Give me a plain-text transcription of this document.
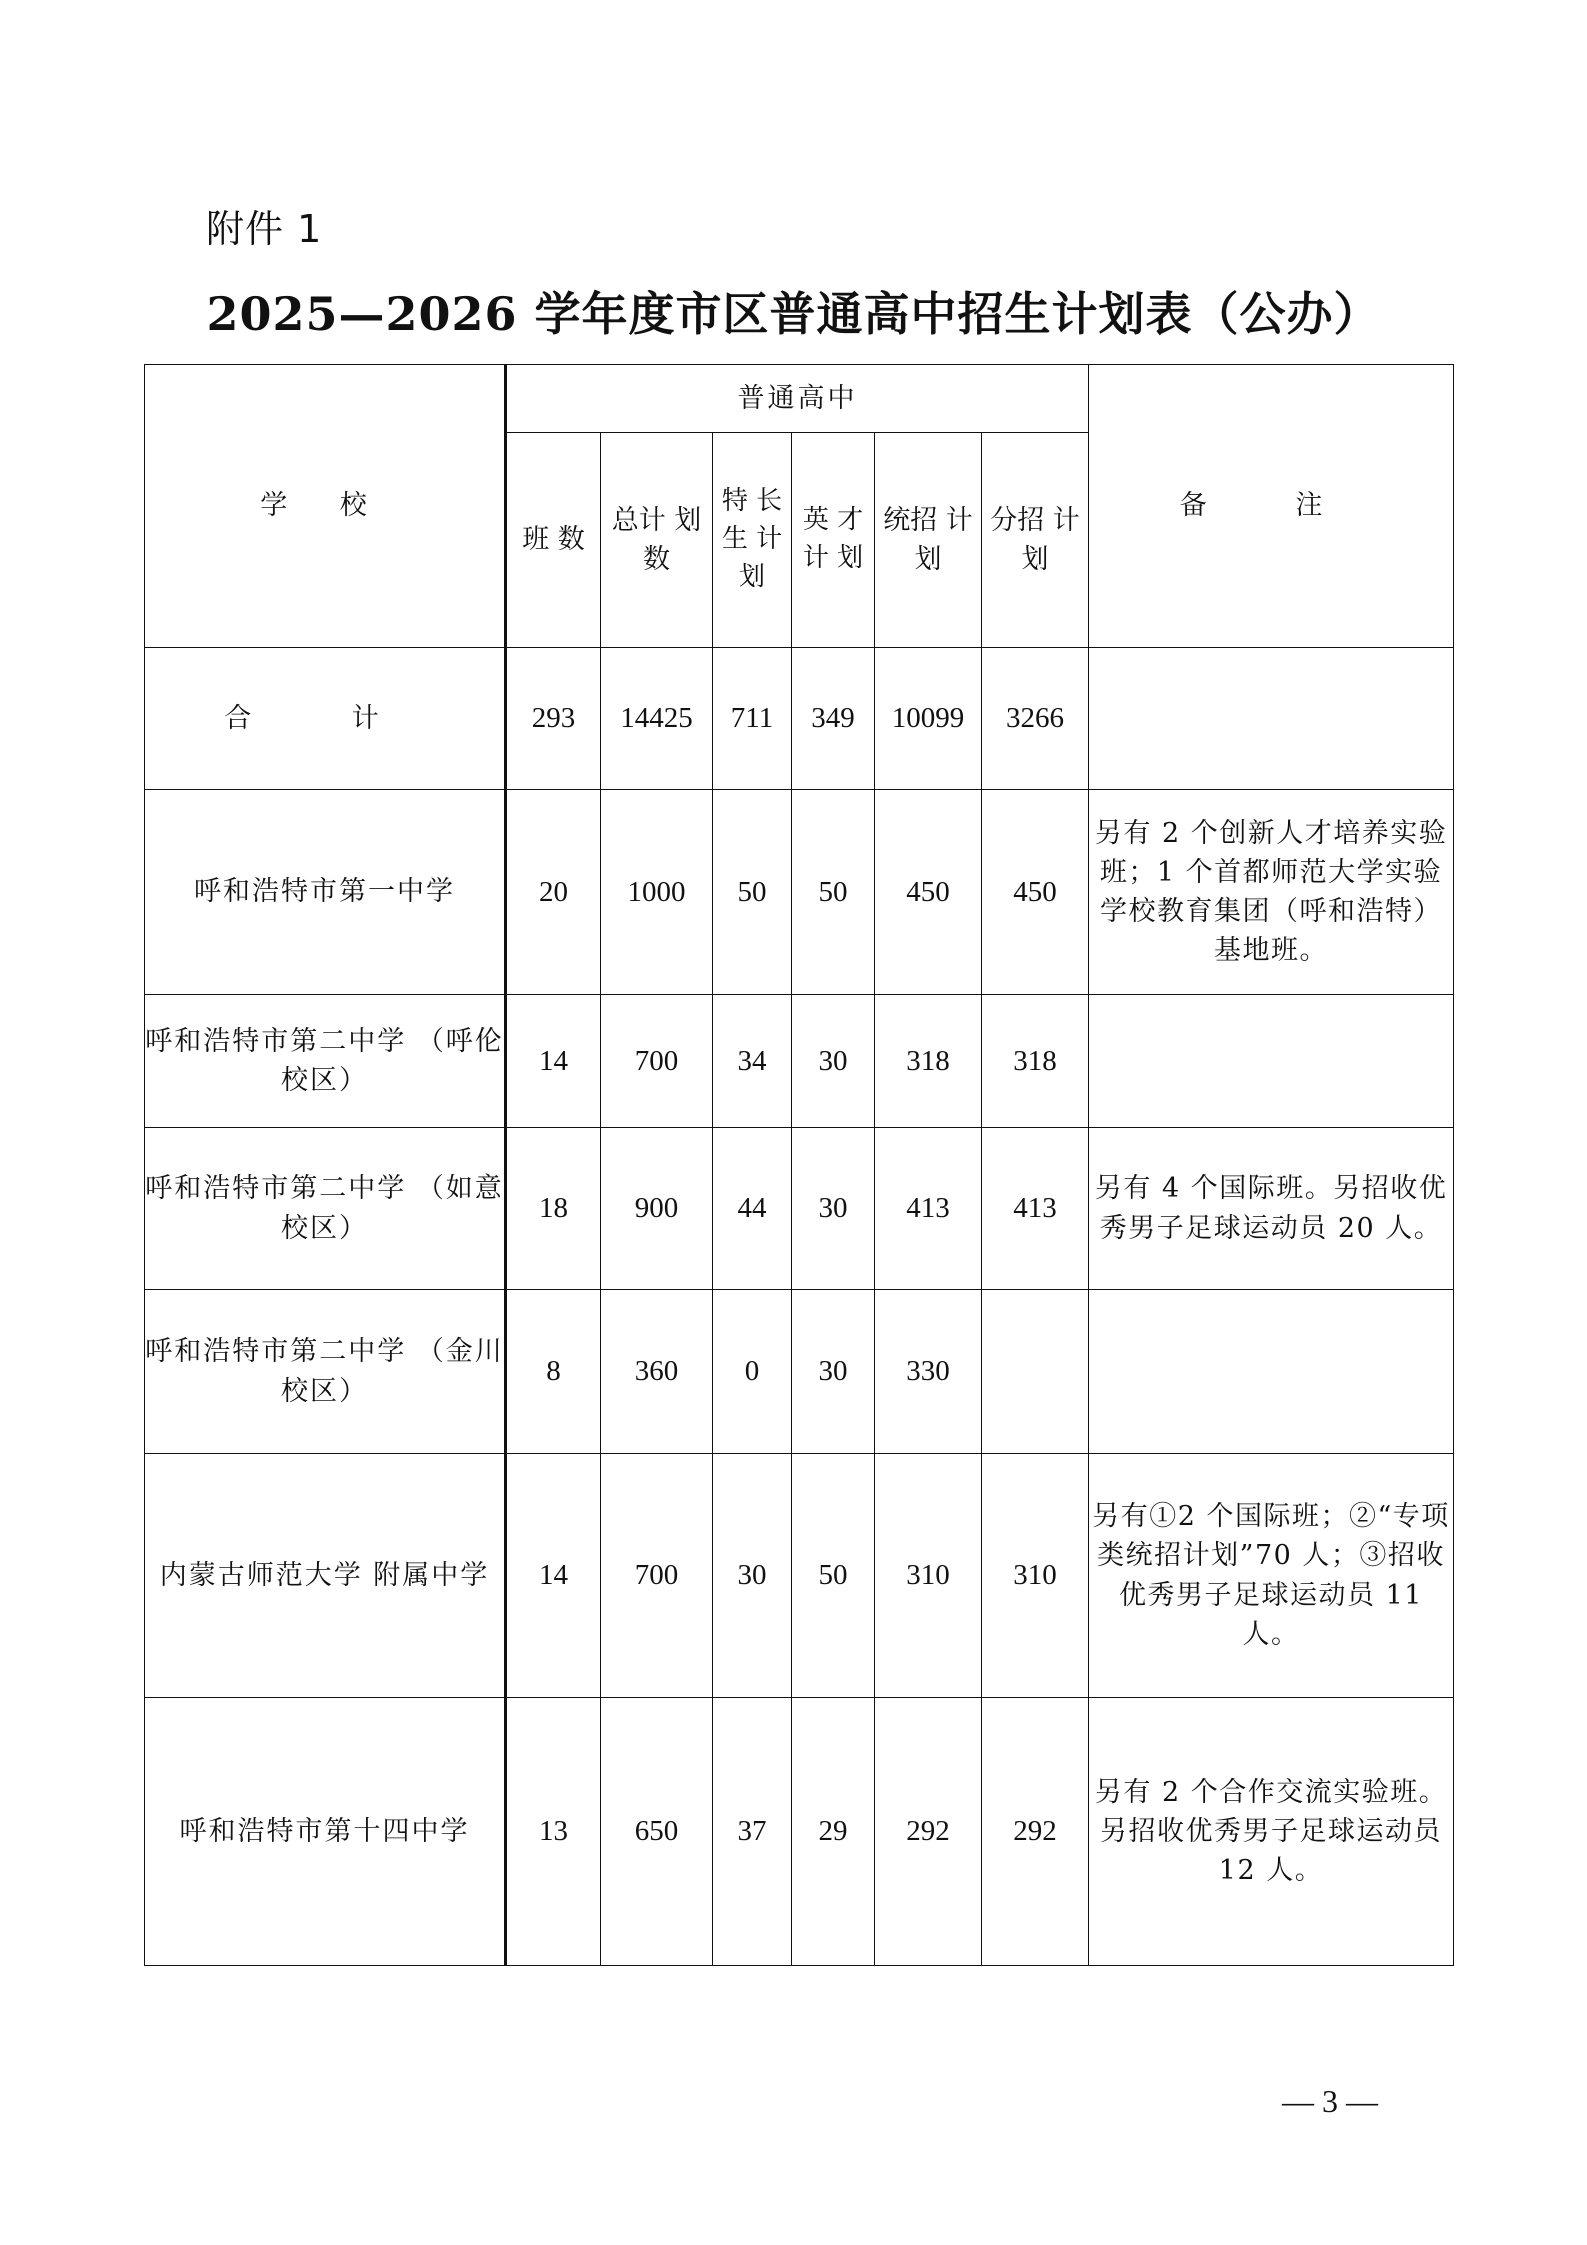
附件 1
2025—2026 学年度市区普通高中招生计划表（公办）
学 校	普通高中						备 注
	班 数	总计 划数	特 长 生 计 划	英 才 计 划	统招 计划	分招 计划	
合 计	293	14425	711	349	10099	3266	
呼和浩特市第一中学	20	1000	50	50	450	450	另有 2 个创新人才培养实验班；1 个首都师范大学实验学校教育集团（呼和浩特）基地班。
呼和浩特市第二中学 （呼伦校区）	14	700	34	30	318	318	
呼和浩特市第二中学 （如意校区）	18	900	44	30	413	413	另有 4 个国际班。另招收优秀男子足球运动员 20 人。
呼和浩特市第二中学 （金川校区）	8	360	0	30	330		
内蒙古师范大学 附属中学	14	700	30	50	310	310	另有①2 个国际班；②“专项类统招计划”70 人；③招收优秀男子足球运动员 11 人。
呼和浩特市第十四中学	13	650	37	29	292	292	另有 2 个合作交流实验班。另招收优秀男子足球运动员 12 人。
— 3 —
